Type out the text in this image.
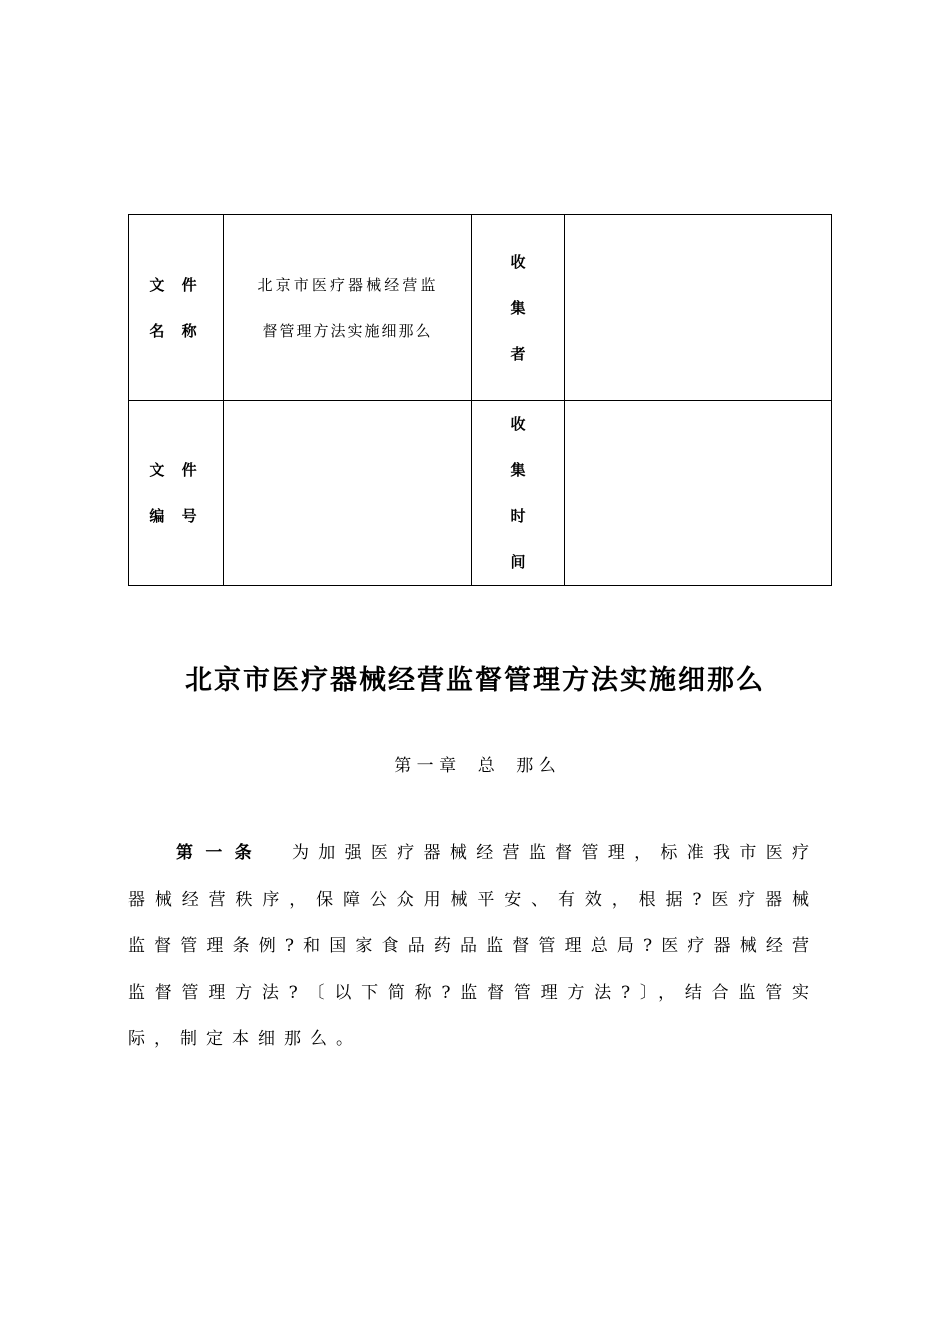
文 件
名 称	北京市医疗器械经营监督管理方法实施细那么	收
集
者	

文 件
编 号		收
集
时
间	

北京市医疗器械经营监督管理方法实施细那么
第 一 章    总    那 么

第一条 为加强医疗器械经营监督管理，标准我市医疗器械经营秩序，保障公众用械平安、有效，根据?医疗器械监督管理条例?和国家食品药品监督管理总局?医疗器械经营监督管理方法?〔以下简称?监督管理方法?〕，结合监管实际，制定本细那么。
